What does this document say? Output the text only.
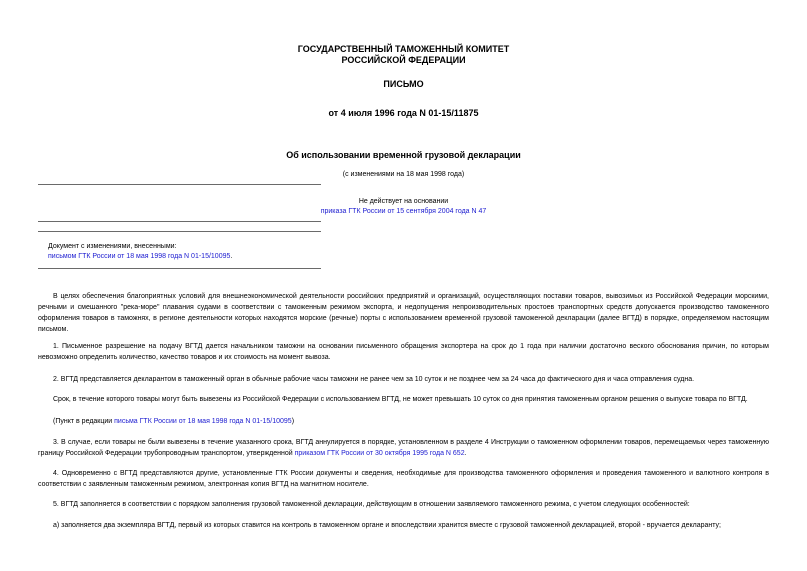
ГОСУДАРСТВЕННЫЙ ТАМОЖЕННЫЙ КОМИТЕТ
РОССИЙСКОЙ ФЕДЕРАЦИИ
ПИСЬМО
от 4 июля 1996 года N 01-15/11875
Об использовании временной грузовой декларации
(с изменениями на 18 мая 1998 года)
Не действует на основании
приказа ГТК России от 15 сентября 2004 года N 47
Документ с изменениями, внесенными:
письмом ГТК России от 18 мая 1998 года N 01-15/10095.
В целях обеспечения благоприятных условий для внешнеэкономической деятельности российских предприятий и организаций, осуществляющих поставки товаров, вывозимых из Российской Федерации морскими, речными и смешанного "река-море" плавания судами в соответствии с таможенным режимом экспорта, и недопущения непроизводительных простоев транспортных средств допускается производство таможенного оформления товаров в таможнях, в регионе деятельности которых находятся морские (речные) порты с использованием временной грузовой таможенной декларации (далее ВГТД) в порядке, определяемом настоящим письмом.
1. Письменное разрешение на подачу ВГТД дается начальником таможни на основании письменного обращения экспортера на срок до 1 года при наличии достаточно веского обоснования причин, по которым невозможно определить количество, качество товаров и их стоимость на момент вывоза.
2. ВГТД представляется декларантом в таможенный орган в обычные рабочие часы таможни не ранее чем за 10 суток и не позднее чем за 24 часа до фактического дня и часа отправления судна.
Срок, в течение которого товары могут быть вывезены из Российской Федерации с использованием ВГТД, не может превышать 10 суток со дня принятия таможенным органом решения о выпуске товара по ВГТД.
(Пункт в редакции письма ГТК России от 18 мая 1998 года N 01-15/10095)
3. В случае, если товары не были вывезены в течение указанного срока, ВГТД аннулируется в порядке, установленном в разделе 4 Инструкции о таможенном оформлении товаров, перемещаемых через таможенную границу Российской Федерации трубопроводным транспортом, утвержденной приказом ГТК России от 30 октября 1995 года N 652.
4. Одновременно с ВГТД представляются другие, установленные ГТК России документы и сведения, необходимые для производства таможенного оформления и проведения таможенного и валютного контроля в соответствии с заявленным таможенным режимом, электронная копия ВГТД на магнитном носителе.
5. ВГТД заполняется в соответствии с порядком заполнения грузовой таможенной декларации, действующим в отношении заявляемого таможенного режима, с учетом следующих особенностей:
а) заполняется два экземпляра ВГТД, первый из которых ставится на контроль в таможенном органе и впоследствии хранится вместе с грузовой таможенной декларацией, второй - вручается декларанту;
